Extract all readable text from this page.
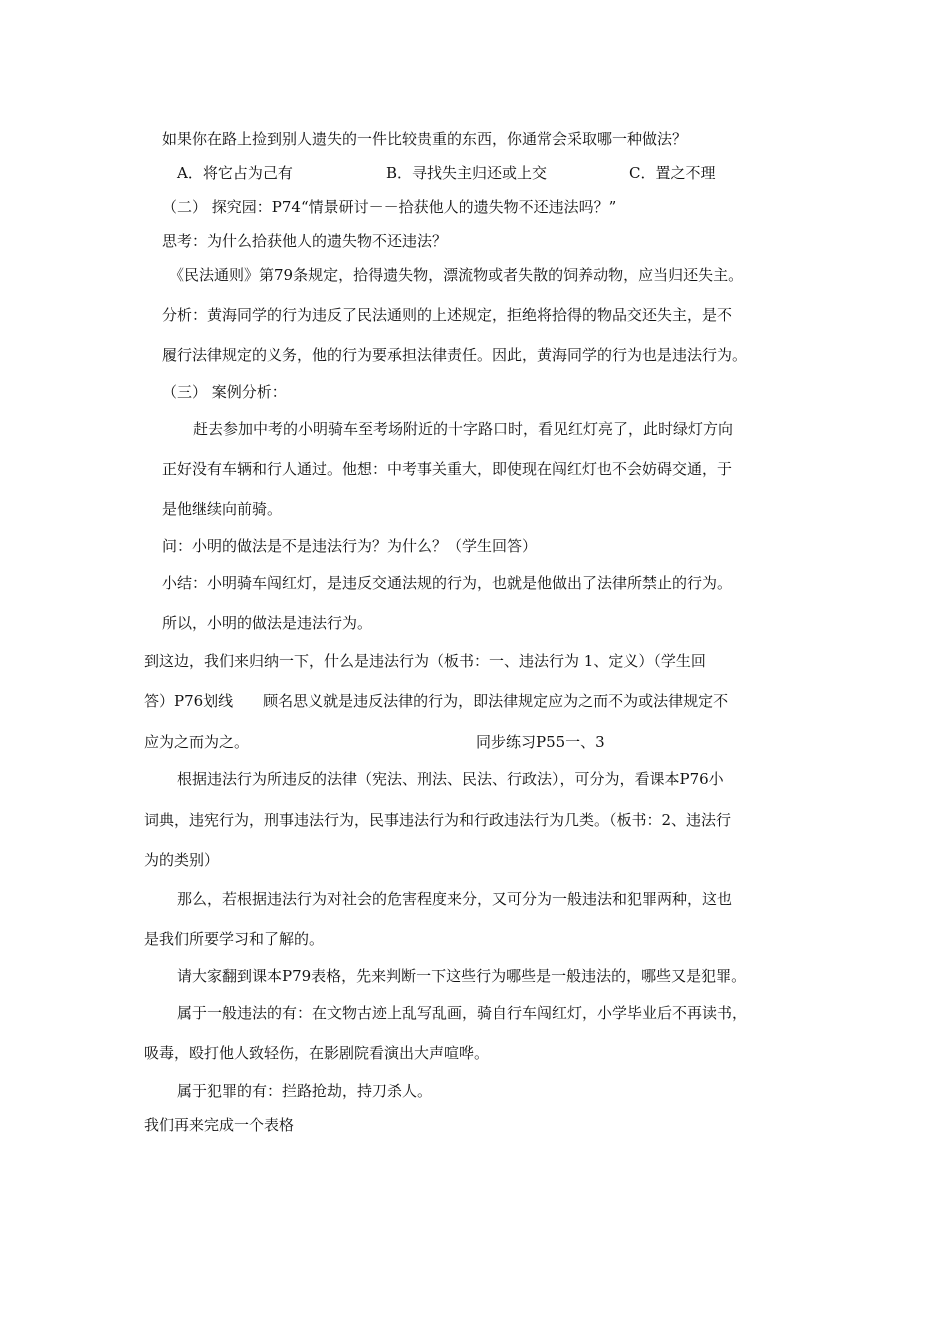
如果你在路上捡到别人遗失的一件比较贵重的东西，你通常会采取哪一种做法？
A．将它占为己有	B．寻找失主归还或上交	C．置之不理
（二） 探究园：P74“情景研讨－－拾获他人的遗失物不还违法吗？”
思考：为什么拾获他人的遗失物不还违法？
《民法通则》第79条规定，拾得遗失物，漂流物或者失散的饲养动物，应当归还失主。
分析：黄海同学的行为违反了民法通则的上述规定，拒绝将拾得的物品交还失主，是不
履行法律规定的义务，他的行为要承担法律责任。因此，黄海同学的行为也是违法行为。
（三） 案例分析：
赶去参加中考的小明骑车至考场附近的十字路口时，看见红灯亮了，此时绿灯方向
正好没有车辆和行人通过。他想：中考事关重大，即使现在闯红灯也不会妨碍交通，于
是他继续向前骑。
问：小明的做法是不是违法行为？为什么？（学生回答）
小结：小明骑车闯红灯，是违反交通法规的行为，也就是他做出了法律所禁止的行为。
所以，小明的做法是违法行为。
到这边，我们来归纳一下，什么是违法行为（板书：一、违法行为 1、定义）（学生回
答）P76划线　　顾名思义就是违反法律的行为，即法律规定应为之而不为或法律规定不
应为之而为之。	同步练习P55一、3
根据违法行为所违反的法律（宪法、刑法、民法、行政法），可分为，看课本P76小
词典，违宪行为，刑事违法行为，民事违法行为和行政违法行为几类。（板书：2、违法行
为的类别）
那么，若根据违法行为对社会的危害程度来分，又可分为一般违法和犯罪两种，这也
是我们所要学习和了解的。
请大家翻到课本P79表格，先来判断一下这些行为哪些是一般违法的，哪些又是犯罪。
属于一般违法的有：在文物古迹上乱写乱画，骑自行车闯红灯，小学毕业后不再读书，
吸毒，殴打他人致轻伤，在影剧院看演出大声喧哗。
属于犯罪的有：拦路抢劫，持刀杀人。
我们再来完成一个表格
